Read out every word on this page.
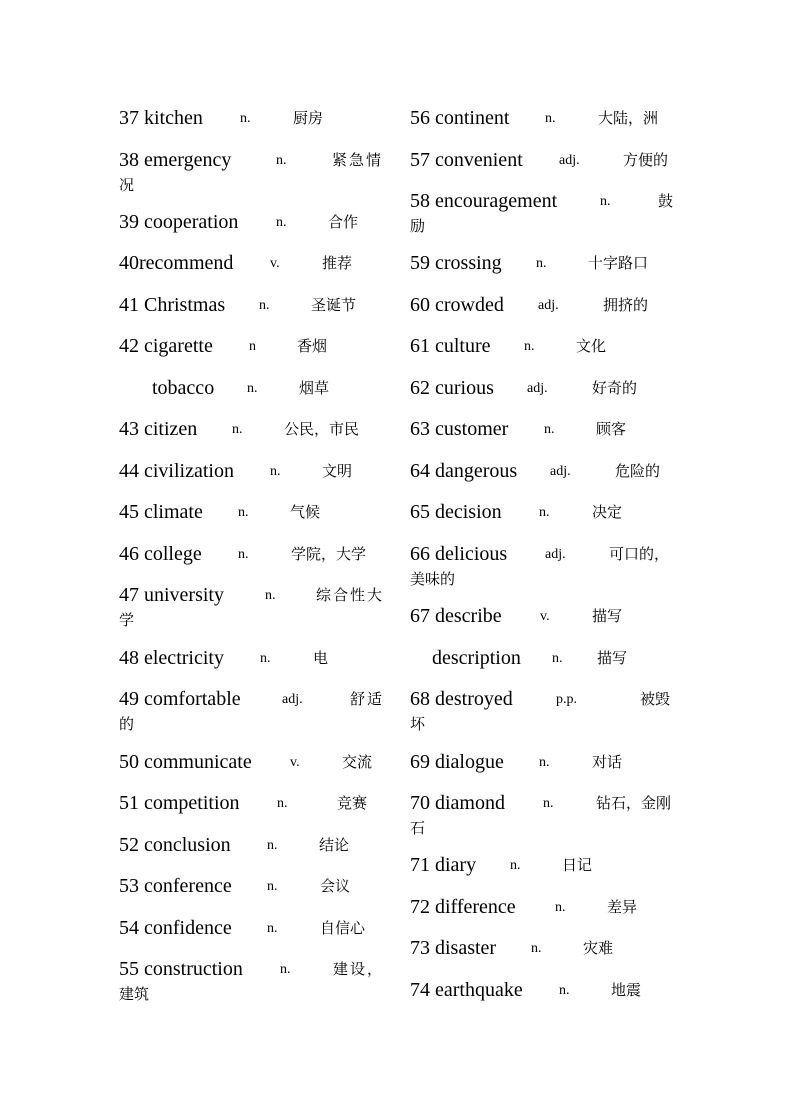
37 kitchen	n.	厨房
38 emergency	n.	紧急情
况
39 cooperation	n.	合作
40recommend	v.	推荐
41 Christmas n.	圣诞节
42 cigarette	n	香烟
tobacco n.	烟草
43 citizen n.	公民，市民
44 civilization	n.	文明
45 climate	n.	气候
46 college	n.	学院，大学
47 university	n.	综合性大
学
48 electricity	n.	电
49 comfortable	adj.	舒适
的
50 communicate	v.	交流
51 competition	n.	竞赛
52 conclusion	n.	结论
53 conference	n.	会议
54 confidence	n.	自信心
55 construction	n.	建设，
建筑
56 continent	n.	大陆，洲
57 convenient	adj.	方便的
58 encouragement	n.	鼓
励
59 crossing n.	十字路口
60 crowded adj.	拥挤的
61 culture n.	文化
62 curious adj.	好奇的
63 customer	n.	顾客
64 dangerous adj.	危险的
65 decision	n.	决定
66 delicious	adj.	可口的，
美味的
67 describe	v.	描写
description n. 描写
68 destroyed	p.p.	被毁
坏
69 dialogue	n.	对话
70 diamond	n.	钻石，金刚
石
71 diary n.	日记
72 difference	n.	差异
73 disaster n.	灾难
74 earthquake	n.	地震
